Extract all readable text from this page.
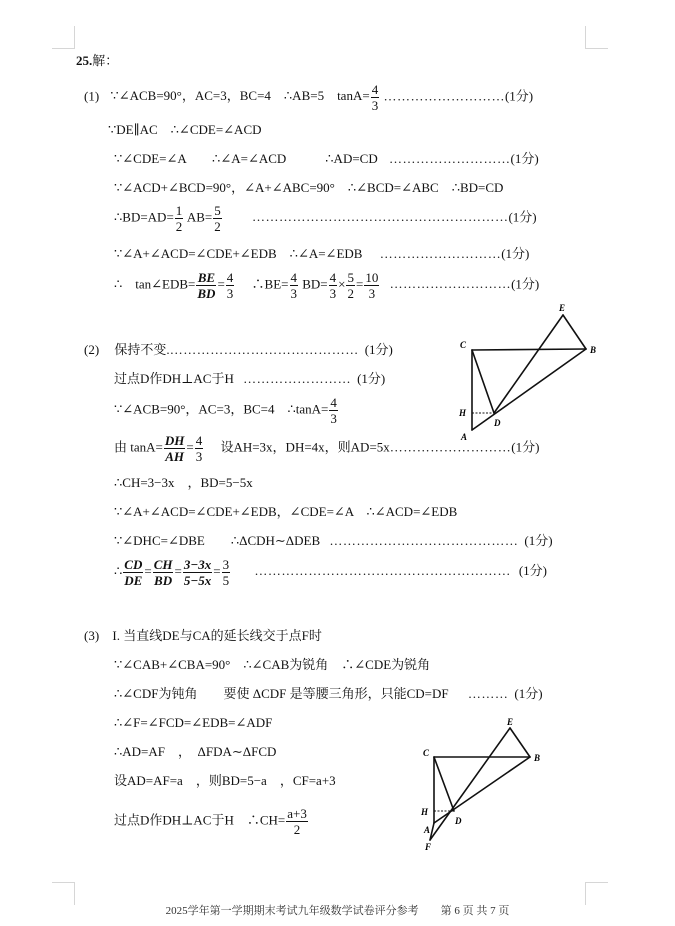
25.解：
(1) ∵∠ACB=90°，AC=3，BC=4　∴AB=5　$\tan A= \frac{4}{3}$ ………………………(1分)
∵DE∥AC　∴∠CDE=∠ACD
∵∠CDE=∠A　　∴∠A=∠ACD　　　∴AD=CD ………………………(1分)
∵∠ACD+∠BCD=90°，∠A+∠ABC=90°　∴∠BCD=∠ABC　∴BD=CD
∴BD=AD= $\frac{1}{2} AB= \frac{5}{2}$ …………………………………………………(1分)
∵∠A+∠ACD=∠CDE+∠EDB　∴∠A=∠EDB ………………………(1分)
∴　tan∠EDB= $\frac{BE}{BD} = \frac{4}{3}$ 　∴BE= $\frac{4}{3} BD= \frac{4}{3} \times \frac{5}{2} = \frac{10}{3}$ ………………………(1分)
(2) 保持不变.…………………………………… (1分)
过点D作DH⊥AC于H …………………… (1分)
∵∠ACB=90°，AC=3，BC=4　∴tanA= $\frac{4}{3}$
由 $\tan A= \frac{DH}{AH} = \frac{4}{3}$ 　设AH=3x，DH=4x，则AD=5x………………………(1分)
∴CH=3−3x　，BD=5−5x
∵∠A+∠ACD=∠CDE+∠EDB，∠CDE=∠A　∴∠ACD=∠EDB
∵∠DHC=∠DBE　　∴ΔCDH∼ΔDEB …………………………………… (1分)
∴ $\frac{CD}{DE} = \frac{CH}{BD} = \frac{3-3x}{5-5x} = \frac{3}{5}$ ………………………………………………… (1分)
E
C	B
H
D
A
(3) I. 当直线DE与CA的延长线交于点F时
∵∠CAB+∠CBA=90°　∴∠CAB为锐角　∴∠CDE为锐角
∴∠CDF为钝角　　要使 ΔCDF 是等腰三角形，只能CD=DF ……… (1分)
∴∠F=∠FCD=∠EDB=∠ADF
∴AD=AF　，　ΔFDA∼ΔFCD
设AD=AF=a　，则BD=5−a　，CF=a+3
过点D作DH⊥AC于H　∴CH= $\frac{a+3}{2}$
E
C	B
H
D
A
F
2025学年第一学期期末考试九年级数学试卷评分参考　　第 6 页 共 7 页
